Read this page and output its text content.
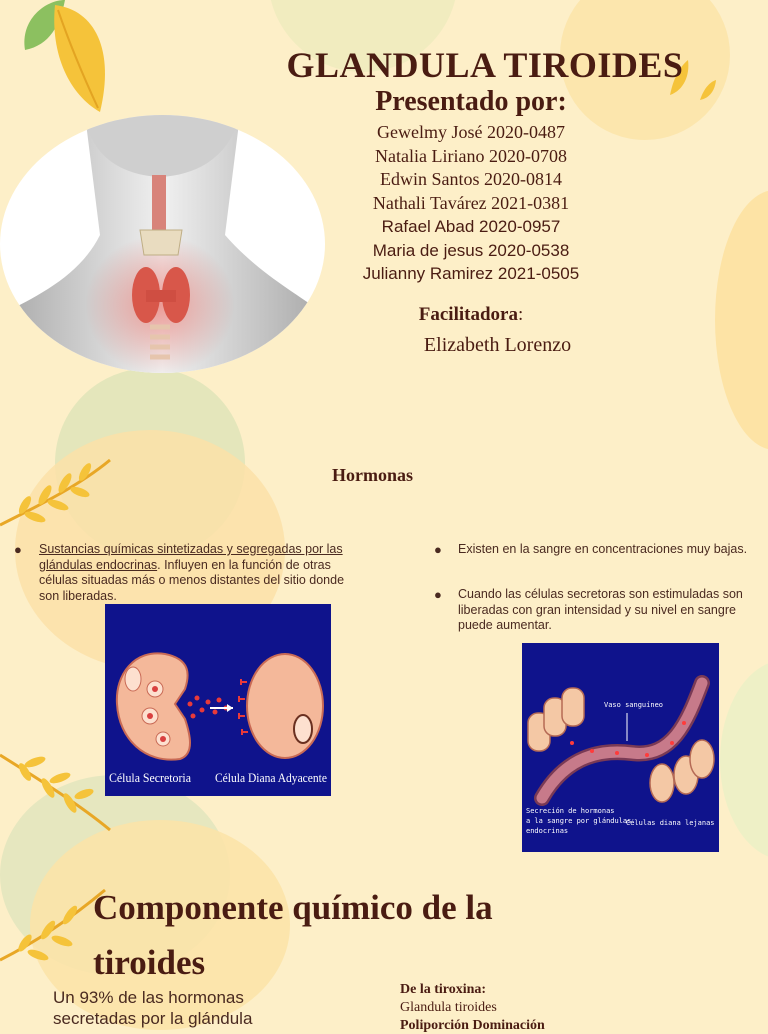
GLANDULA TIROIDES
Presentado por:
Gewelmy José 2020-0487
Natalia Liriano 2020-0708
Edwin Santos 2020-0814
Nathali Tavárez 2021-0381
Rafael Abad 2020-0957
Maria de jesus 2020-0538
Julianny Ramirez 2021-0505
Facilitadora:
Elizabeth Lorenzo
Hormonas
● Sustancias químicas sintetizadas y segregadas por las glándulas endocrinas. Influyen en la función de otras células situadas más o menos distantes del sitio donde son liberadas.
● Existen en la sangre en concentraciones muy bajas.
● Cuando las células secretoras son estimuladas son liberadas con gran intensidad y su nivel en sangre puede aumentar.
Célula Secretoria Célula Diana Adyacente
Vaso sanguíneo
Secreción de hormonas
a la sangre por glándulas
endocrinas
Células diana lejanas
Componente químico de la tiroides
Un 93% de las hormonas secretadas por la glándula
De la tiroxina:
Glandula tiroides
Poliporción Dominación
